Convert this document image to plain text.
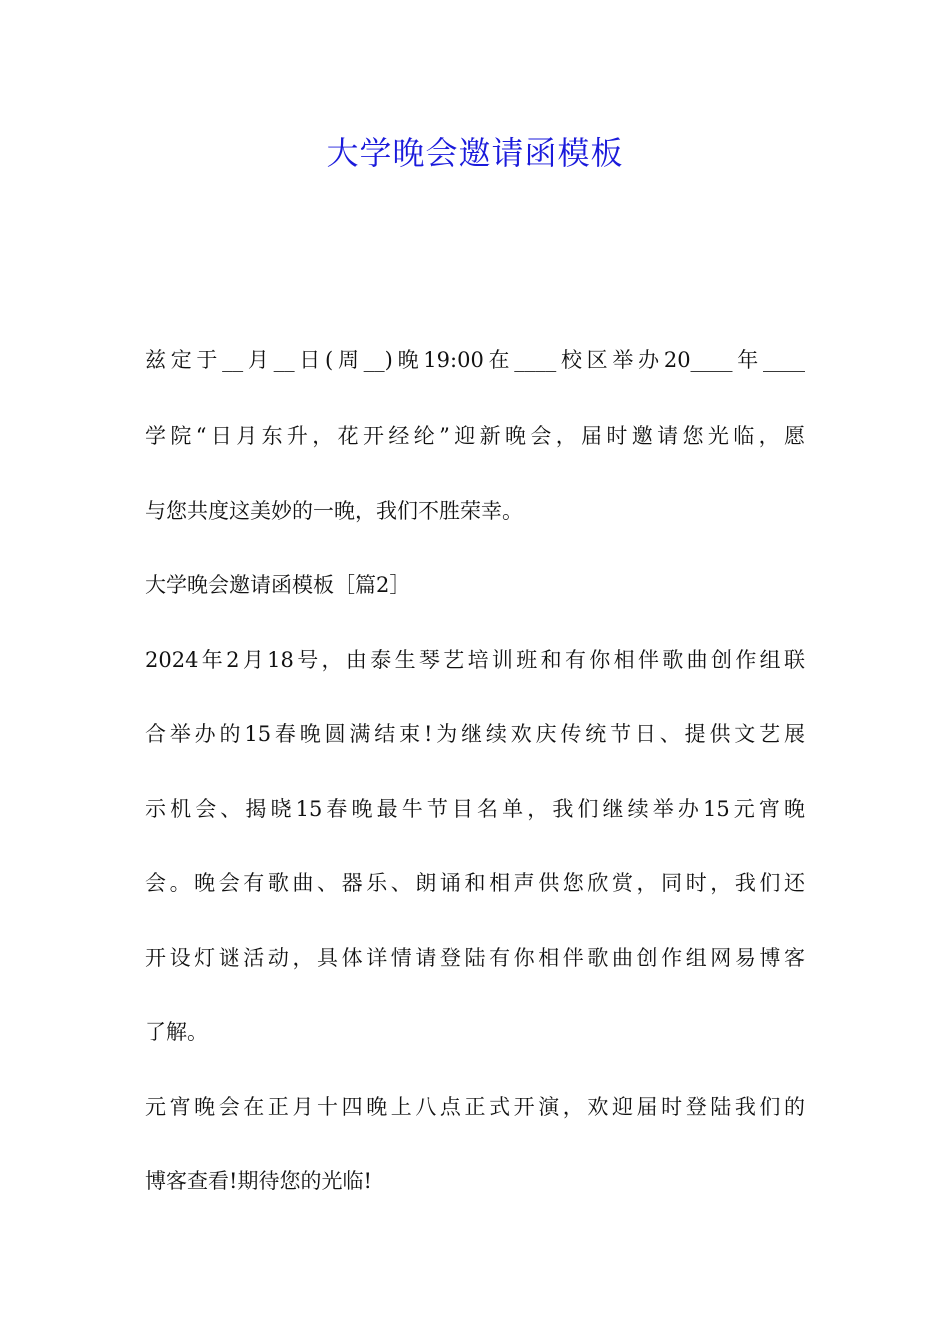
大学晚会邀请函模板

兹定于__月__日(周__)晚19:00在____校区举办20____年____

学院“日月东升，花开经纶”迎新晚会，届时邀请您光临，愿

与您共度这美妙的一晚，我们不胜荣幸。

大学晚会邀请函模板［篇2］

2024年2月18号，由泰生琴艺培训班和有你相伴歌曲创作组联

合举办的15春晚圆满结束!为继续欢庆传统节日、提供文艺展

示机会、揭晓15春晚最牛节目名单，我们继续举办15元宵晚

会。晚会有歌曲、器乐、朗诵和相声供您欣赏，同时，我们还

开设灯谜活动，具体详情请登陆有你相伴歌曲创作组网易博客

了解。

元宵晚会在正月十四晚上八点正式开演，欢迎届时登陆我们的

博客查看!期待您的光临!
